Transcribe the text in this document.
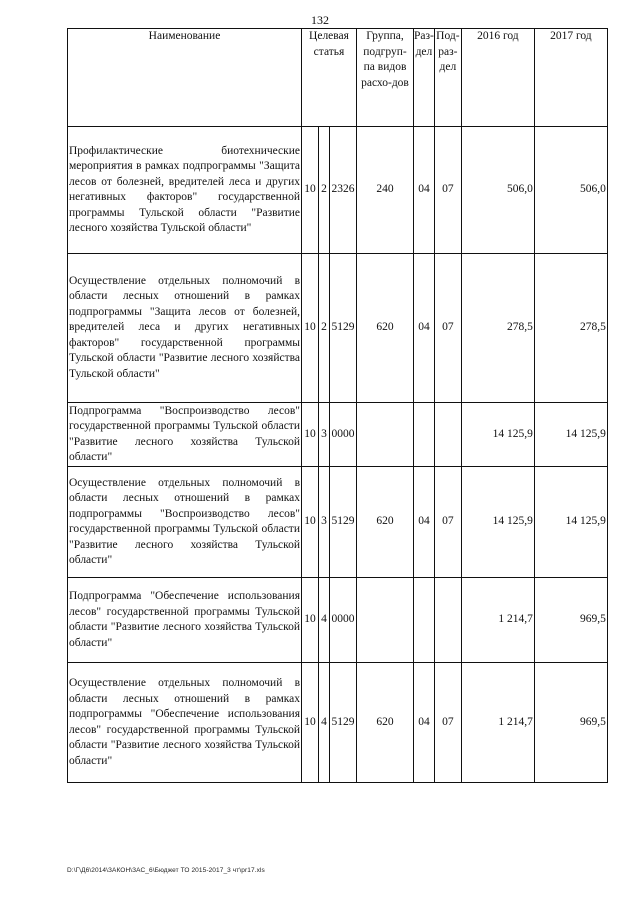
132
Наименование	Целевая статья			Группа, подгруп-па видов расхо-дов	Раз-дел	Под-раз-дел	2016 год	2017 год
Профилактические биотехнические мероприятия в рамках подпрограммы "Защита лесов от болезней, вредителей леса и других негативных факторов" государственной программы Тульской области "Развитие лесного хозяйства Тульской области"	10	2	2326	240	04	07	506,0	506,0
Осуществление отдельных полномочий в области лесных отношений в рамках подпрограммы "Защита лесов от болезней, вредителей леса и других негативных факторов" государственной программы Тульской области "Развитие лесного хозяйства Тульской области"	10	2	5129	620	04	07	278,5	278,5
Подпрограмма "Воспроизводство лесов" государственной программы Тульской области "Развитие лесного хозяйства Тульской области"	10	3	0000				14 125,9	14 125,9
Осуществление отдельных полномочий в области лесных отношений в рамках подпрограммы "Воспроизводство лесов" государственной программы Тульской области "Развитие лесного хозяйства Тульской области"	10	3	5129	620	04	07	14 125,9	14 125,9
Подпрограмма "Обеспечение использования лесов" государственной программы Тульской области "Развитие лесного хозяйства Тульской области"	10	4	0000				1 214,7	969,5
Осуществление отдельных полномочий в области лесных отношений в рамках подпрограммы "Обеспечение использования лесов" государственной программы Тульской области "Развитие лесного хозяйства Тульской области"	10	4	5129	620	04	07	1 214,7	969,5
D:\Г\Д6\2014\ЗАКОН\ЗАС_6\Бюджет ТО 2015-2017_3 чт\pr17.xls
